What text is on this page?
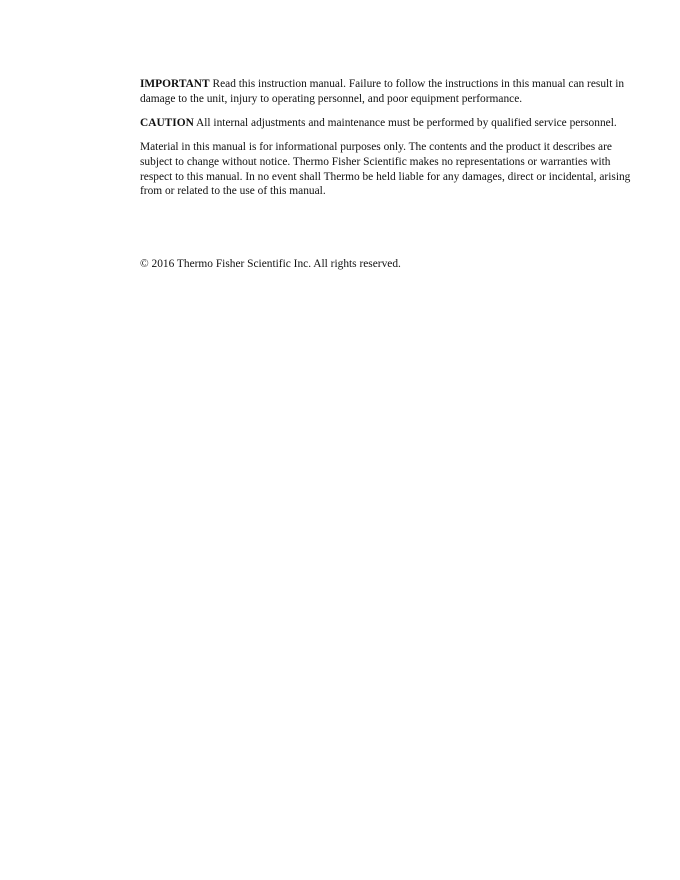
IMPORTANT Read this instruction manual. Failure to follow the instructions in this manual can result in damage to the unit, injury to operating personnel, and poor equipment performance.

CAUTION All internal adjustments and maintenance must be performed by qualified service personnel.

Material in this manual is for informational purposes only. The contents and the product it describes are subject to change without notice. Thermo Fisher Scientific makes no representations or warranties with respect to this manual. In no event shall Thermo be held liable for any damages, direct or incidental, arising from or related to the use of this manual.

© 2016 Thermo Fisher Scientific Inc. All rights reserved.
